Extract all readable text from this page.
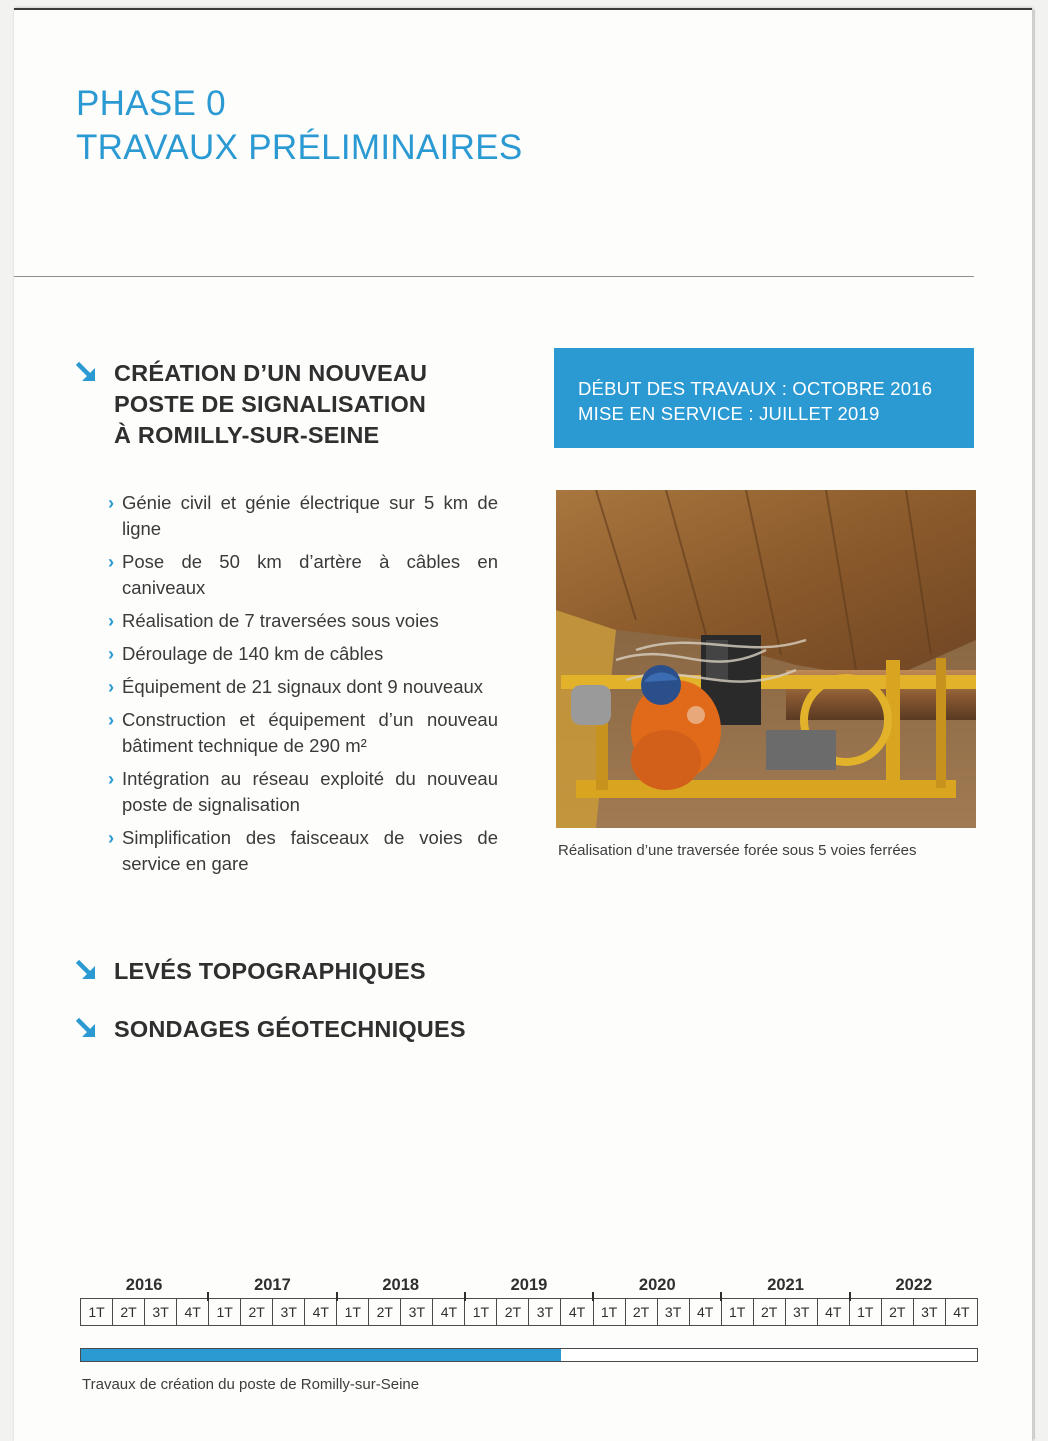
PHASE 0
TRAVAUX PRÉLIMINAIRES
CRÉATION D’UN NOUVEAU
POSTE DE SIGNALISATION
À ROMILLY-SUR-SEINE
› Génie civil et génie électrique sur 5 km de ligne
› Pose de 50 km d’artère à câbles en caniveaux
› Réalisation de 7 traversées sous voies
› Déroulage de 140 km de câbles
› Équipement de 21 signaux dont 9 nouveaux
› Construction et équipement d’un nouveau bâtiment technique de 290 m²
› Intégration au réseau exploité du nouveau poste de signalisation
› Simplification des faisceaux de voies de service en gare
DÉBUT DES TRAVAUX : OCTOBRE 2016
MISE EN SERVICE : JUILLET 2019
Réalisation d’une traversée forée sous 5 voies ferrées
LEVÉS TOPOGRAPHIQUES
SONDAGES GÉOTECHNIQUES
2016	2017	2018	2019	2020	2021	2022
1T	2T	3T	4T	1T	2T	3T	4T	1T	2T	3T	4T	1T	2T	3T	4T	1T	2T	3T	4T	1T	2T	3T	4T	1T	2T	3T	4T
Travaux de création du poste de Romilly-sur-Seine
